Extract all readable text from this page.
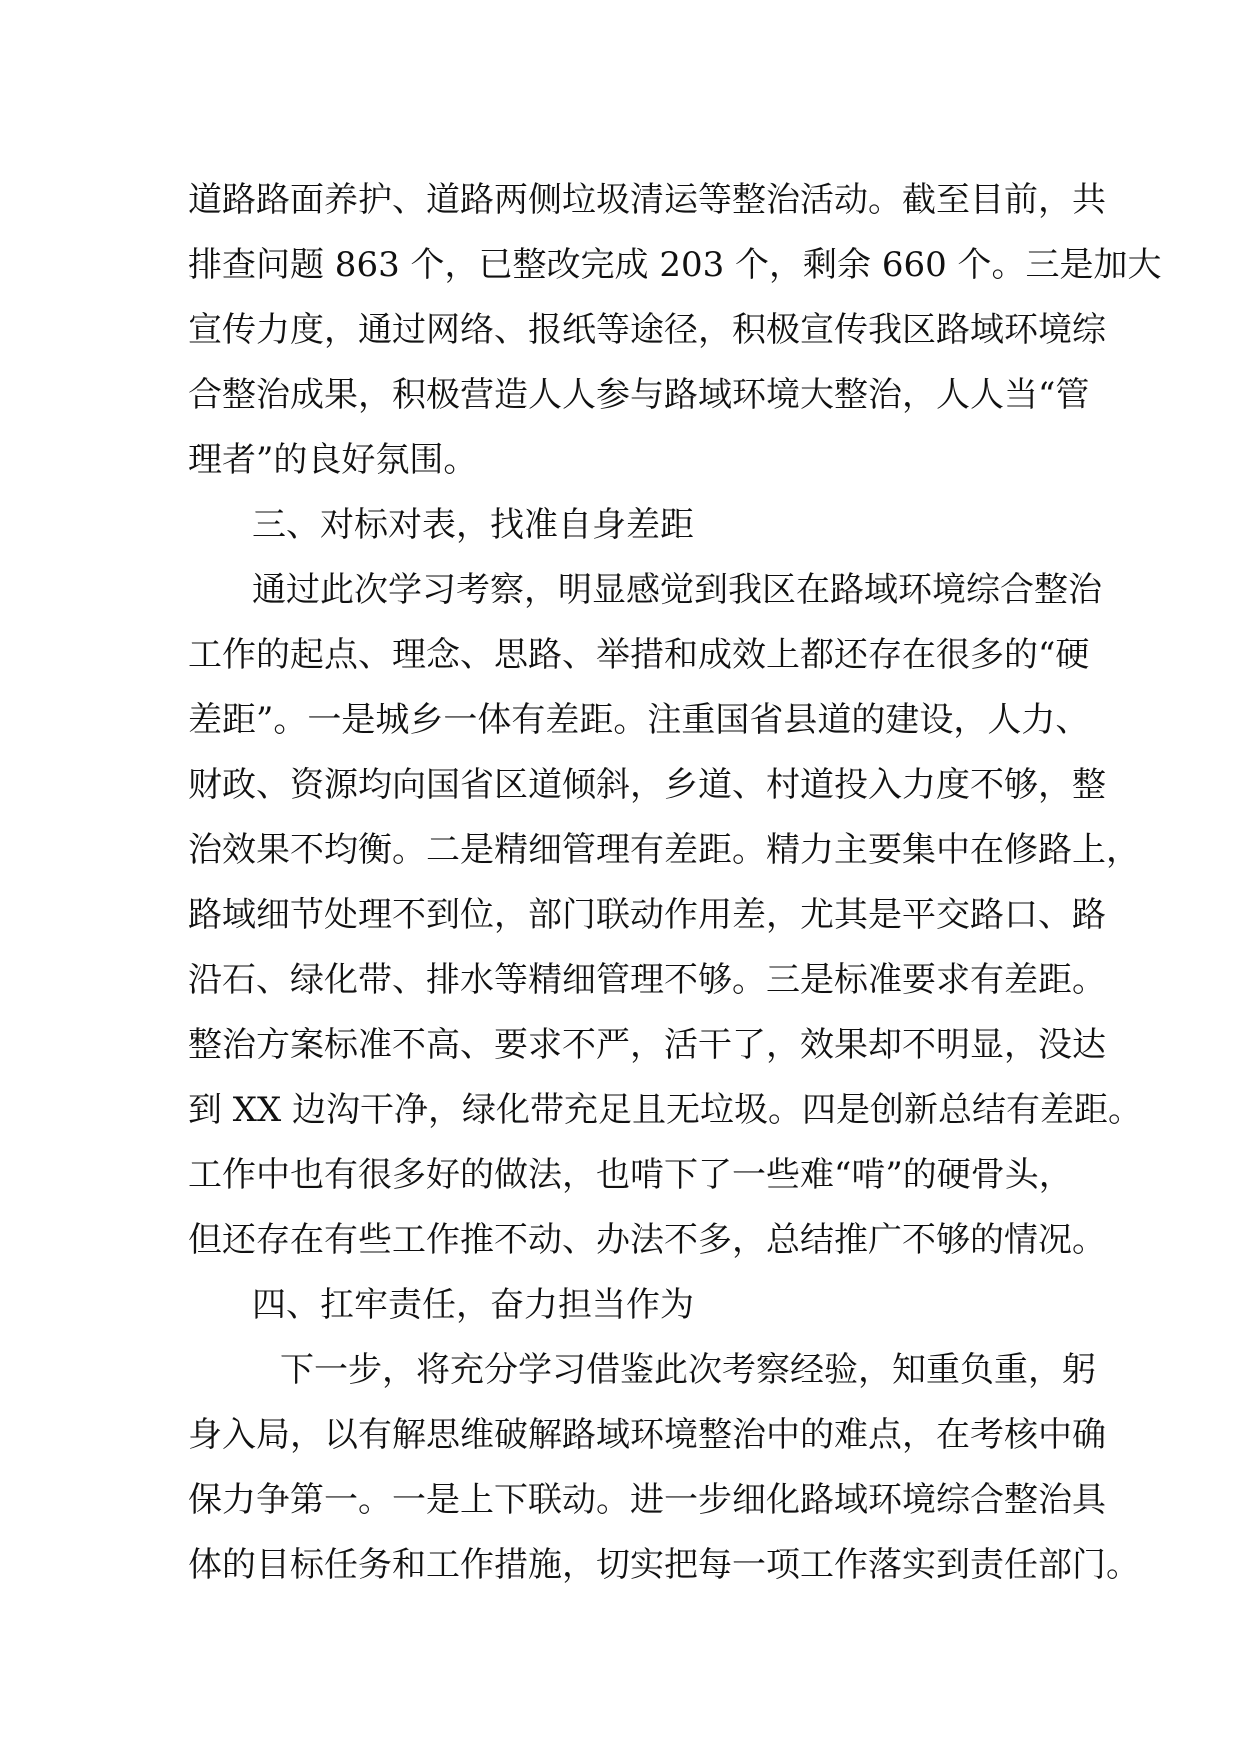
道路路面养护、道路两侧垃圾清运等整治活动。截至目前，共
排查问题 863 个，已整改完成 203 个，剩余 660 个。三是加大
宣传力度，通过网络、报纸等途径，积极宣传我区路域环境综
合整治成果，积极营造人人参与路域环境大整治，人人当“管
理者”的良好氛围。
三、对标对表，找准自身差距
通过此次学习考察，明显感觉到我区在路域环境综合整治
工作的起点、理念、思路、举措和成效上都还存在很多的“硬
差距”。一是城乡一体有差距。注重国省县道的建设，人力、
财政、资源均向国省区道倾斜，乡道、村道投入力度不够，整
治效果不均衡。二是精细管理有差距。精力主要集中在修路上，
路域细节处理不到位，部门联动作用差，尤其是平交路口、路
沿石、绿化带、排水等精细管理不够。三是标准要求有差距。
整治方案标准不高、要求不严，活干了，效果却不明显，没达
到 XX 边沟干净，绿化带充足且无垃圾。四是创新总结有差距。
工作中也有很多好的做法，也啃下了一些难“啃”的硬骨头，
但还存在有些工作推不动、办法不多，总结推广不够的情况。
四、扛牢责任，奋力担当作为
下一步，将充分学习借鉴此次考察经验，知重负重，躬
身入局，以有解思维破解路域环境整治中的难点，在考核中确
保力争第一。一是上下联动。进一步细化路域环境综合整治具
体的目标任务和工作措施，切实把每一项工作落实到责任部门。
